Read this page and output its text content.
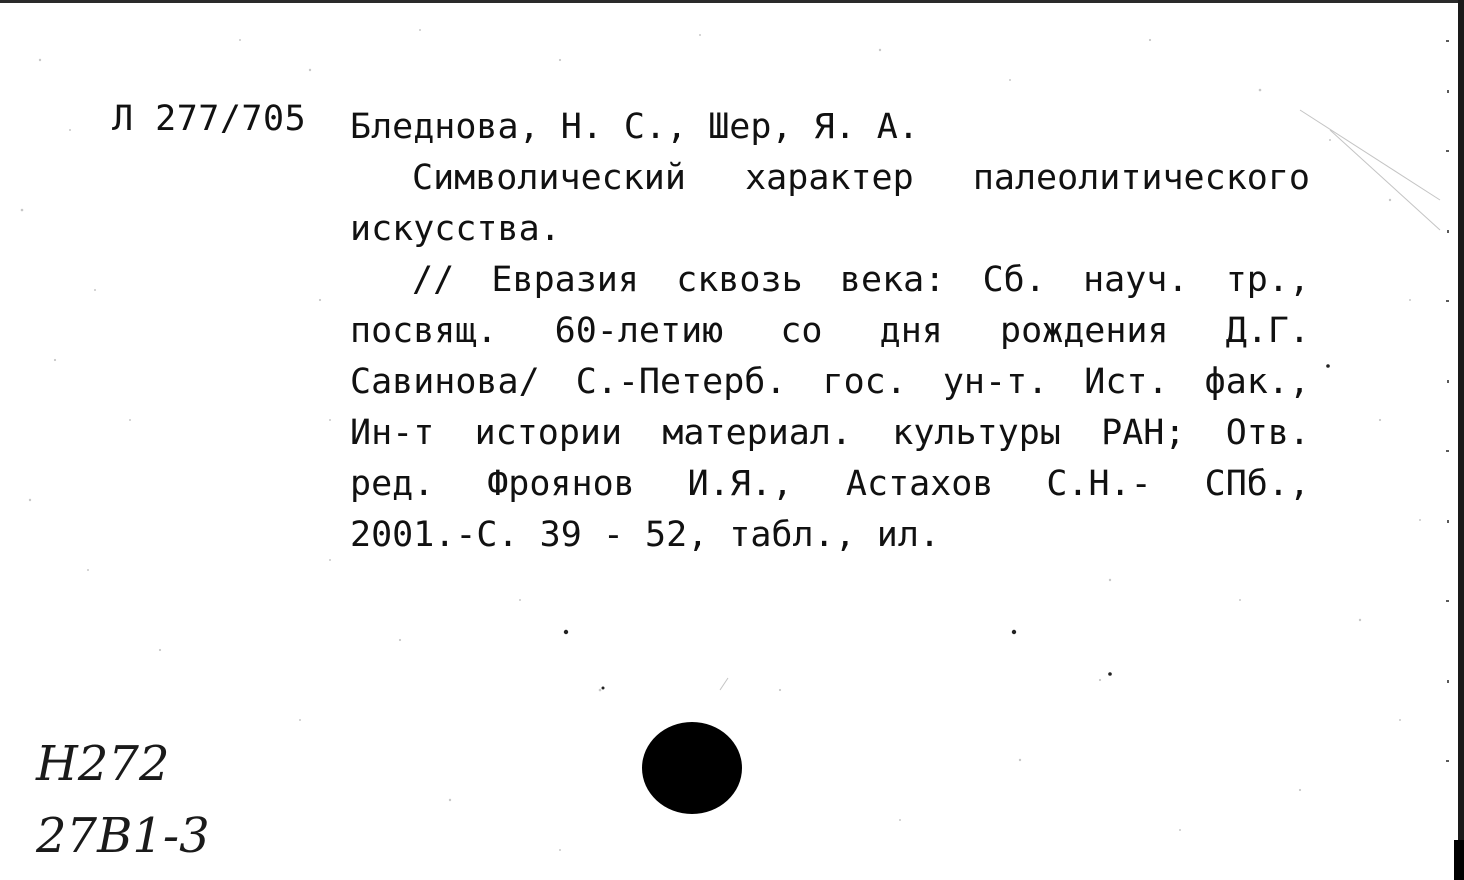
Л 277/705 Бледнова, Н. С., Шер, Я. А.
Символический характер палеолитического
искусства.
// Евразия сквозь века: Сб. науч. тр.,
посвящ. 60-летию со дня рождения Д.Г.
Савинова/ С.-Петерб. гос. ун-т. Ист. фак.,
Ин-т истории материал. культуры РАН; Отв.
ред. Фроянов И.Я., Астахов С.Н.- СПб.,
2001.-С. 39 - 52, табл., ил.
Н272
27В1-3
